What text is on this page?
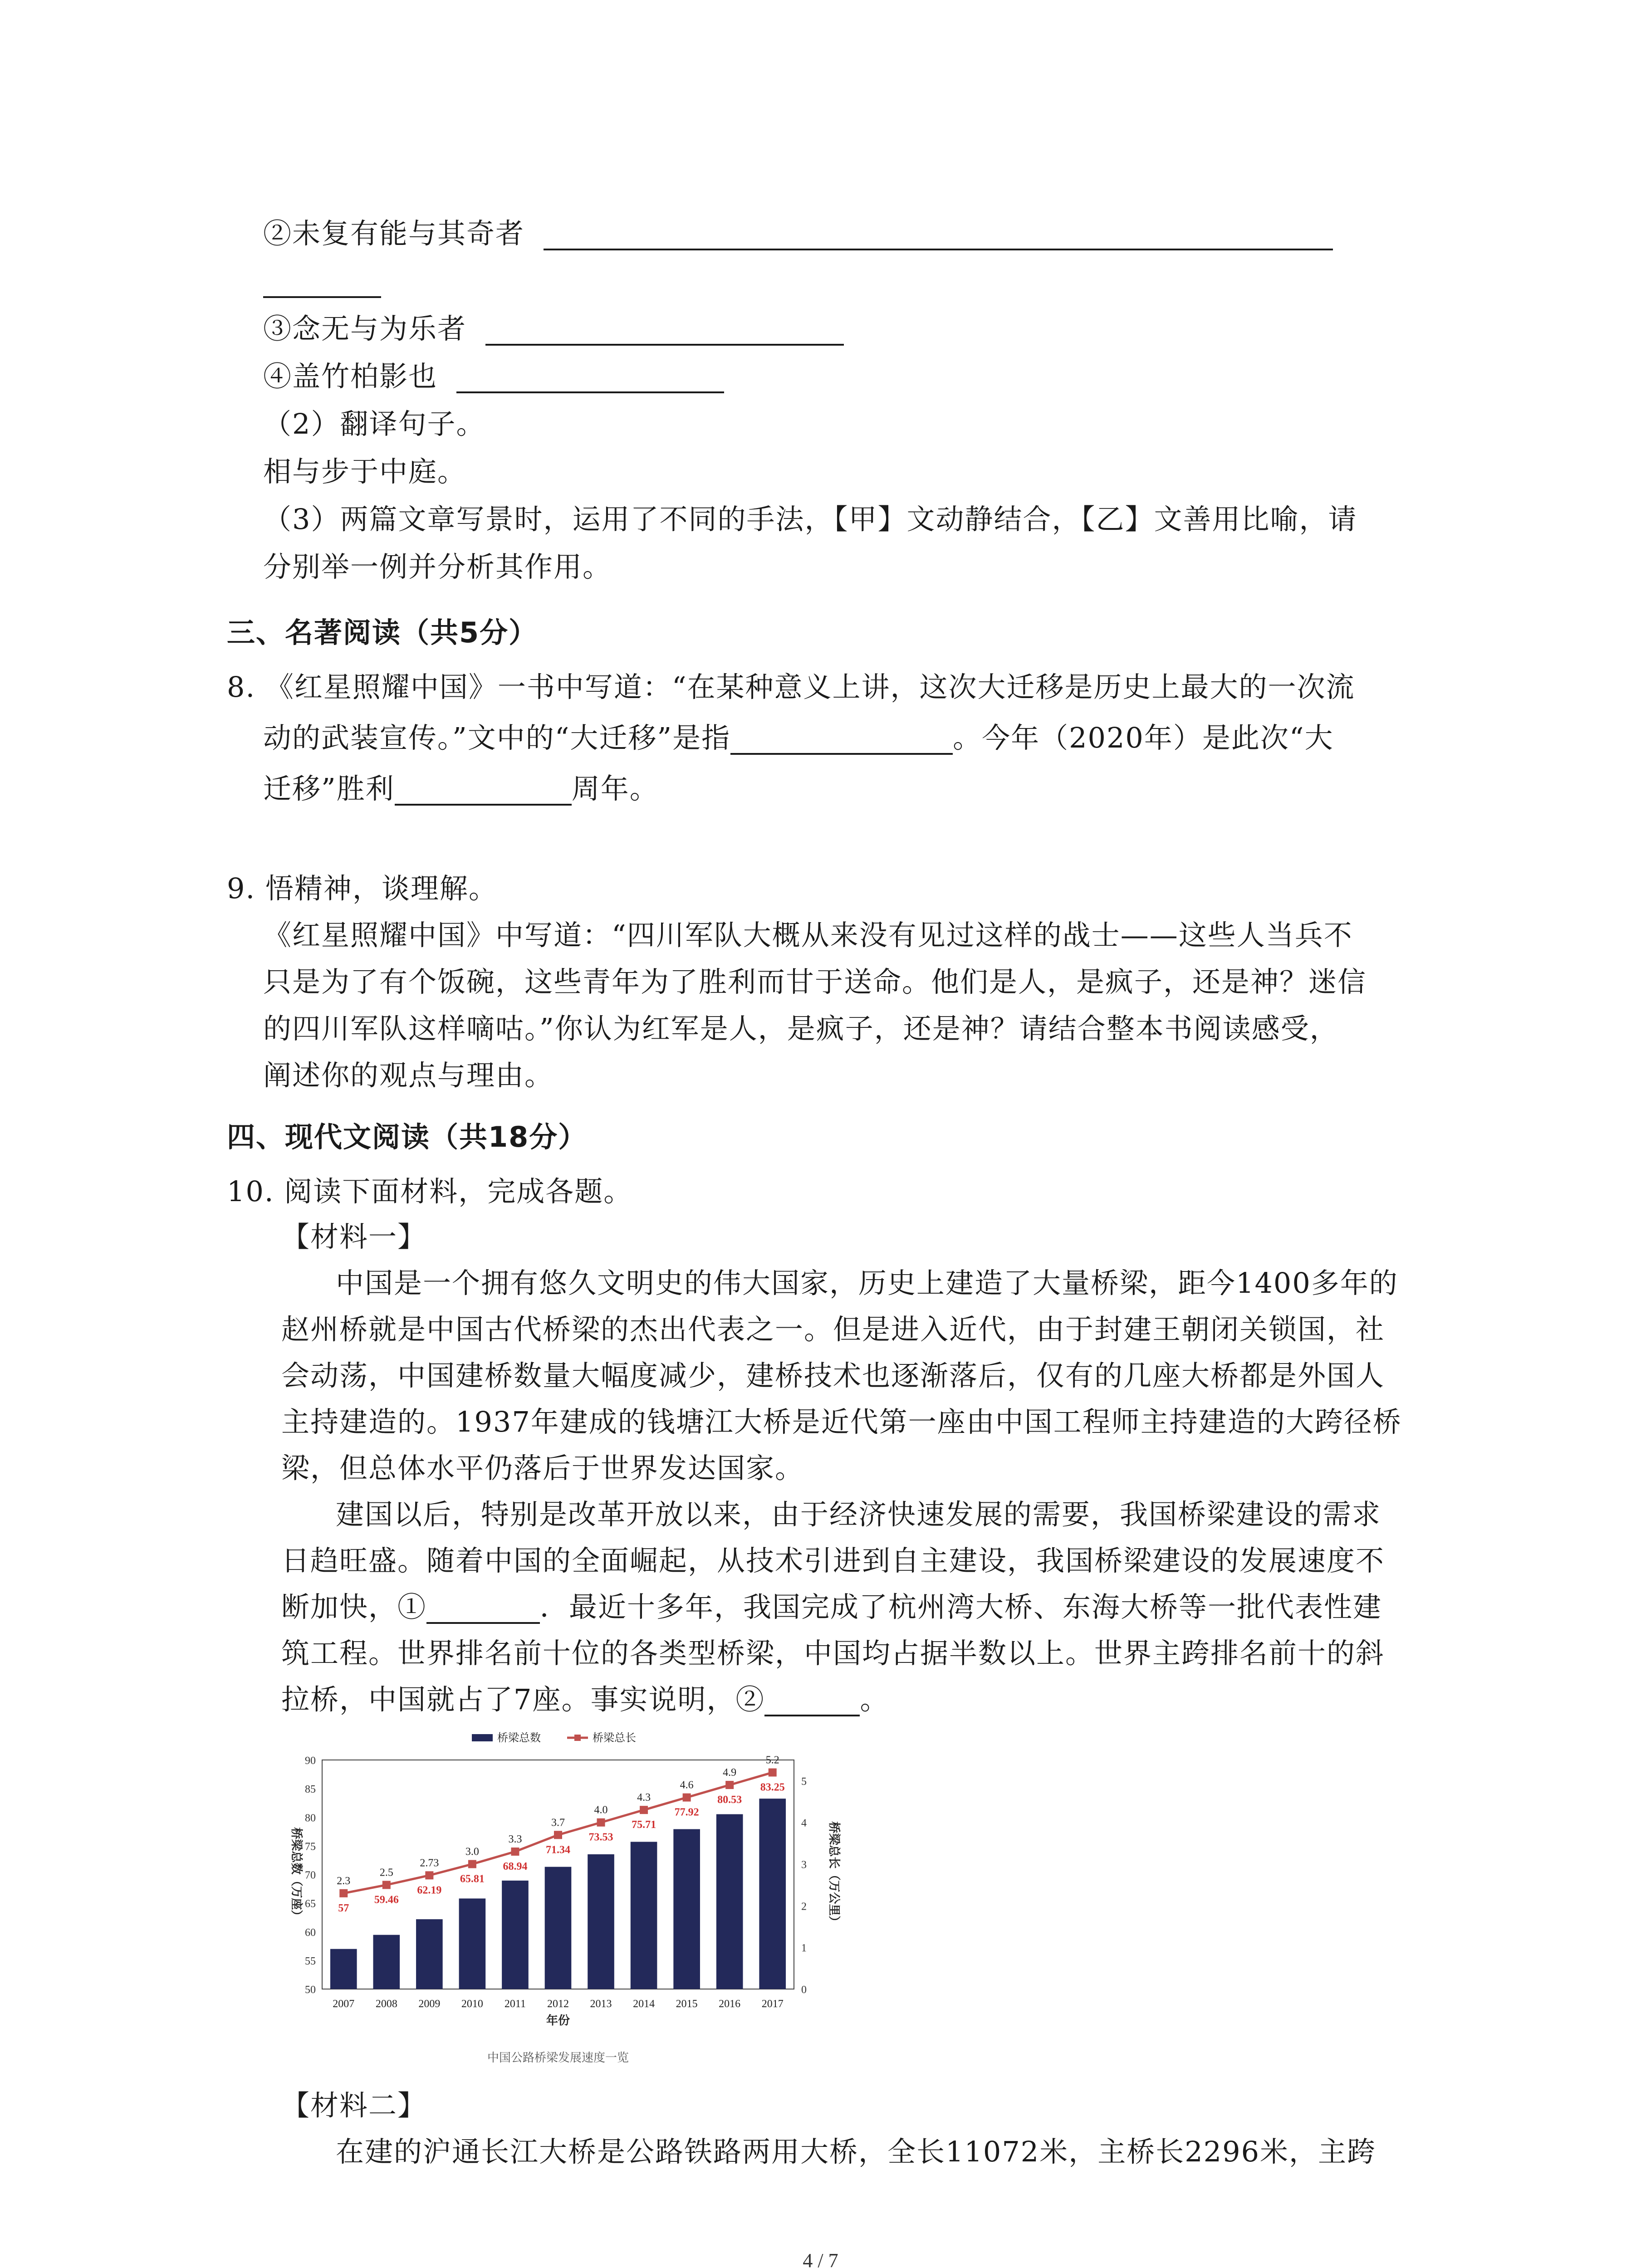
②未复有能与其奇者
③念无与为乐者
④盖竹柏影也
（2）翻译句子。
相与步于中庭。
（3）两篇文章写景时，运用了不同的手法，【甲】文动静结合，【乙】文善用比喻，请
分别举一例并分析其作用。
三、名著阅读（共5分）
8. 《红星照耀中国》一书中写道：“在某种意义上讲，这次大迁移是历史上最大的一次流
动的武装宣传。”文中的“大迁移”是指	。今年（2020年）是此次“大
迁移”胜利	周年。
9. 悟精神，谈理解。
《红星照耀中国》中写道：“四川军队大概从来没有见过这样的战士——这些人当兵不
只是为了有个饭碗，这些青年为了胜利而甘于送命。他们是人，是疯子，还是神？迷信
的四川军队这样嘀咕。”你认为红军是人，是疯子，还是神？请结合整本书阅读感受，
阐述你的观点与理由。
四、现代文阅读（共18分）
10. 阅读下面材料，完成各题。
【材料一】
中国是一个拥有悠久文明史的伟大国家，历史上建造了大量桥梁，距今1400多年的
赵州桥就是中国古代桥梁的杰出代表之一。但是进入近代，由于封建王朝闭关锁国，社
会动荡，中国建桥数量大幅度减少，建桥技术也逐渐落后，仅有的几座大桥都是外国人
主持建造的。1937年建成的钱塘江大桥是近代第一座由中国工程师主持建造的大跨径桥
梁，但总体水平仍落后于世界发达国家。
建国以后，特别是改革开放以来，由于经济快速发展的需要，我国桥梁建设的需求
日趋旺盛。随着中国的全面崛起，从技术引进到自主建设，我国桥梁建设的发展速度不
断加快，①	．最近十多年，我国完成了杭州湾大桥、东海大桥等一批代表性建
筑工程。世界排名前十位的各类型桥梁，中国均占据半数以上。世界主跨排名前十的斜
拉桥，中国就占了7座。事实说明，②	。
50
55
60
65
70
75
80
85
90
0
1
2
3
4
5
57
59.46
62.19
65.81
68.94
71.34
73.53
75.71
77.92
80.53
83.25
2.3
2.5
2.73
3.0
3.3
3.7
4.0
4.3
4.6
4.9
5.2
2007 2008 2009 2010 2011 2012 2013 2014 2015 2016 2017
年份
桥梁总数（万座）	桥梁总长（万公里）
桥梁总数	桥梁总长
中国公路桥梁发展速度一览
【材料二】
在建的沪通长江大桥是公路铁路两用大桥，全长11072米，主桥长2296米，主跨
4 / 7
